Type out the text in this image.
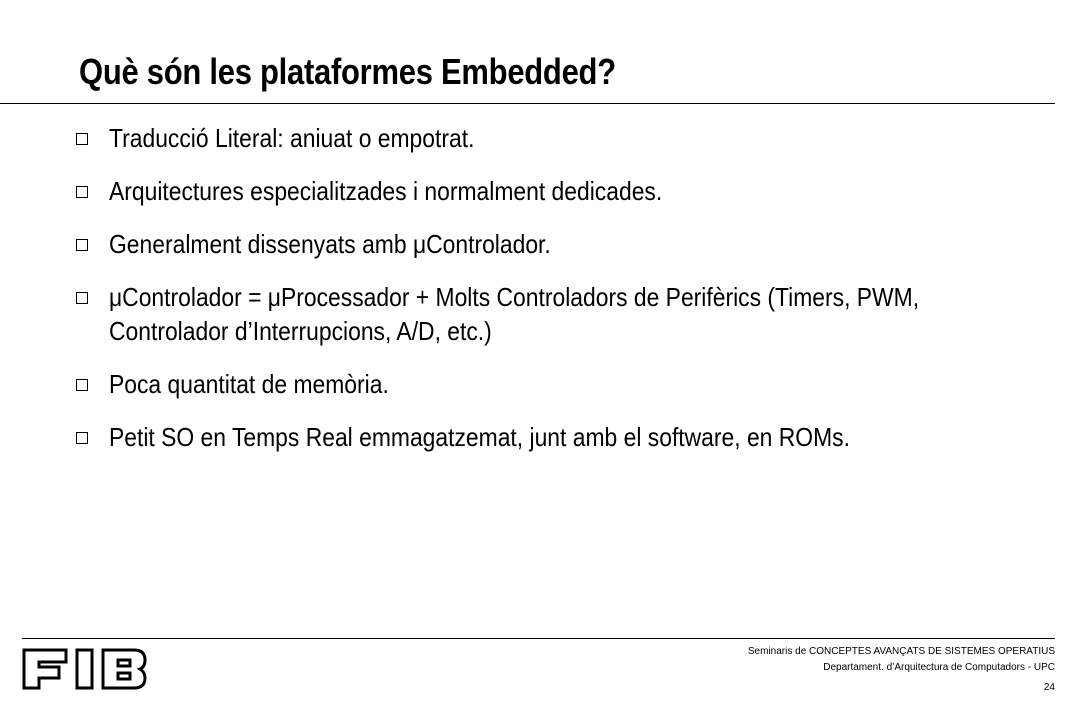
Què són les plataformes Embedded?
Traducció Literal: aniuat o empotrat.
Arquitectures especialitzades i normalment dedicades.
Generalment dissenyats amb μControlador.
μControlador = μProcessador + Molts Controladors de Perifèrics (Timers, PWM, Controlador d’Interrupcions, A/D, etc.)
Poca quantitat de memòria.
Petit SO en Temps Real emmagatzemat, junt amb el software, en ROMs.
Seminaris de CONCEPTES AVANÇATS DE SISTEMES OPERATIUS
Departament. d’Arquitectura de Computadors - UPC
24
